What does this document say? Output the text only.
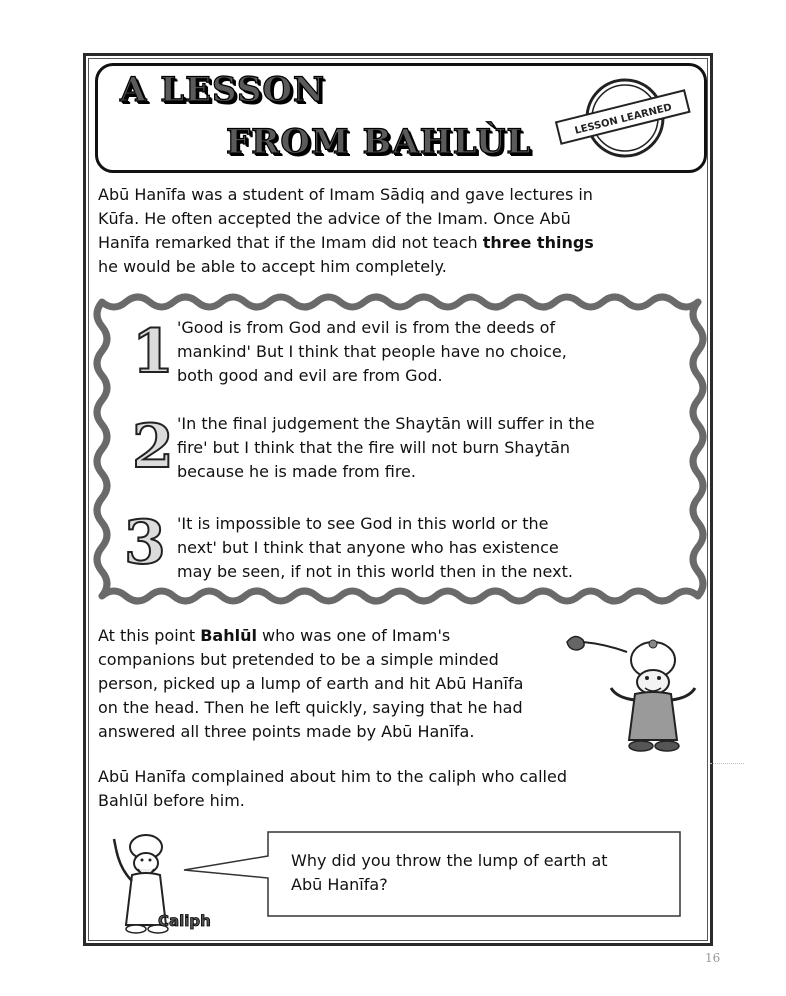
A LESSON
FROM BAHLÙL
LESSON LEARNED
Abū Hanīfa was a student of Imam Sādiq and gave lectures in
Kūfa. He often accepted the advice of the Imam. Once Abū
Hanīfa remarked that if the Imam did not teach three things
he would be able to accept him completely.
1 'Good is from God and evil is from the deeds of
mankind' But I think that people have no choice,
both good and evil are from God.
2 'In the final judgement the Shaytān will suffer in the
fire' but I think that the fire will not burn Shaytān
because he is made from fire.
3 'It is impossible to see God in this world or the
next' but I think that anyone who has existence
may be seen, if not in this world then in the next.
At this point Bahlūl who was one of Imam's
companions but pretended to be a simple minded
person, picked up a lump of earth and hit Abū Hanīfa
on the head. Then he left quickly, saying that he had
answered all three points made by Abū Hanīfa.
Abū Hanīfa complained about him to the caliph who called
Bahlūl before him.
Caliph
Why did you throw the lump of earth at
Abū Hanīfa?
16
